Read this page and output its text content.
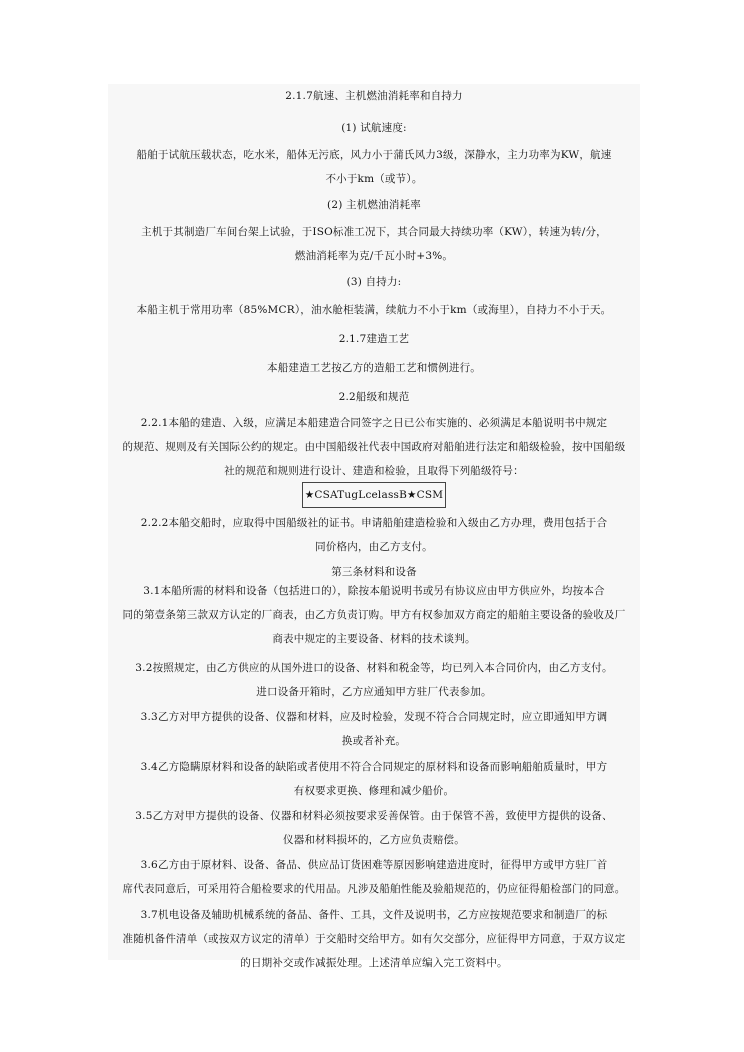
2.1.7航速、主机燃油消耗率和自持力
(1) 试航速度:
船舶于试航压载状态，吃水米，船体无污底，风力小于蒲氏风力3级，深静水，主力功率为KW，航速
不小于km（或节）。
(2) 主机燃油消耗率
主机于其制造厂车间台架上试验，于ISO标准工况下，其合同最大持续功率（KW），转速为转/分，
燃油消耗率为克/千瓦小时+3%。
(3) 自持力:
本船主机于常用功率（85%MCR），油水舱柜装满，续航力不小于km（或海里），自持力不小于天。
2.1.7建造工艺
本船建造工艺按乙方的造船工艺和惯例进行。
2.2船级和规范
2.2.1本船的建造、入级，应满足本船建造合同签字之日已公布实施的、必须满足本船说明书中规定
的规范、规则及有关国际公约的规定。由中国船级社代表中国政府对船舶进行法定和船级检验，按中国船级
社的规范和规则进行设计、建造和检验，且取得下列船级符号：
★CSATugLcelassB★CSM
2.2.2本船交船时，应取得中国船级社的证书。申请船舶建造检验和入级由乙方办理，费用包括于合
同价格内，由乙方支付。
第三条材料和设备
3.1本船所需的材料和设备（包括进口的），除按本船说明书或另有协议应由甲方供应外，均按本合
同的第壹条第三款双方认定的厂商表，由乙方负责订购。甲方有权参加双方商定的船舶主要设备的验收及厂
商表中规定的主要设备、材料的技术谈判。
3.2按照规定，由乙方供应的从国外进口的设备、材料和税金等，均已列入本合同价内，由乙方支付。
进口设备开箱时，乙方应通知甲方驻厂代表参加。
3.3乙方对甲方提供的设备、仪器和材料，应及时检验，发现不符合合同规定时，应立即通知甲方调
换或者补充。
3.4乙方隐瞒原材料和设备的缺陷或者使用不符合合同规定的原材料和设备而影响船舶质量时，甲方
有权要求更换、修理和减少船价。
3.5乙方对甲方提供的设备、仪器和材料必须按要求妥善保管。由于保管不善，致使甲方提供的设备、
仪器和材料损坏的，乙方应负责赔偿。
3.6乙方由于原材料、设备、备品、供应品订货困难等原因影响建造进度时，征得甲方或甲方驻厂首
席代表同意后，可采用符合船检要求的代用品。凡涉及船舶性能及验船规范的，仍应征得船检部门的同意。
3.7机电设备及辅助机械系统的备品、备件、工具，文件及说明书，乙方应按规范要求和制造厂的标
准随机备件清单（或按双方议定的清单）于交船时交给甲方。如有欠交部分，应征得甲方同意，于双方议定
的日期补交或作减振处理。上述清单应编入完工资料中。
